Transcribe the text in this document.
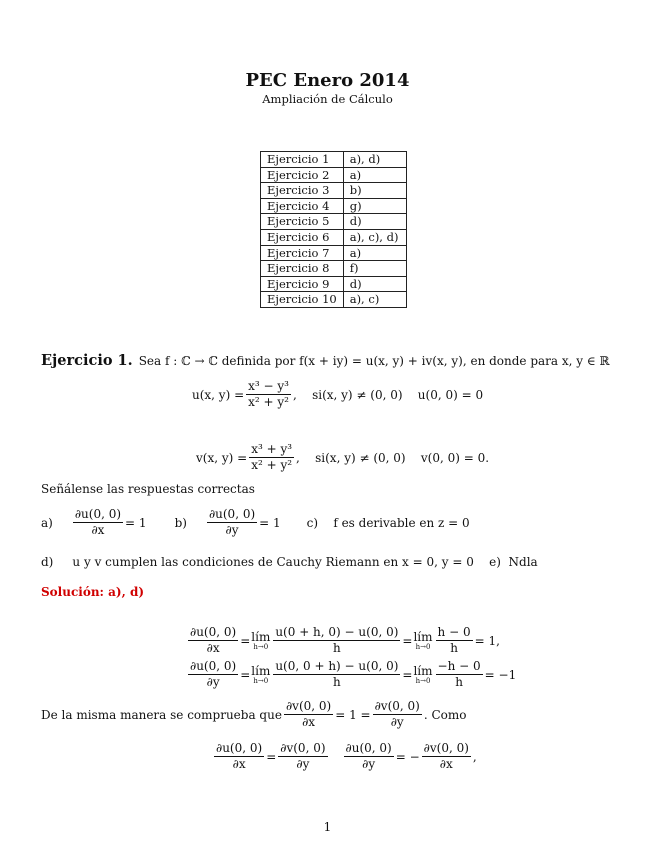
PEC Enero 2014
Ampliación de Cálculo
Ejercicio 1	a), d)
Ejercicio 2	a)
Ejercicio 3	b)
Ejercicio 4	g)
Ejercicio 5	d)
Ejercicio 6	a), c), d)
Ejercicio 7	a)
Ejercicio 8	f)
Ejercicio 9	d)
Ejercicio 10	a), c)
Ejercicio 1. Sea f : ℂ → ℂ definida por f(x + iy) = u(x, y) + iv(x, y), en donde para x, y ∈ ℝ
u(x, $y) = \frac{\text{x³ − y³}}{\text{x² + y²}}$ ,    si(x, y) ≠ (0, 0)    u(0, 0) = 0
v(x, $y) = \frac{\text{x³ + y³}}{\text{x² + y²}}$ ,    si(x, y) ≠ (0, 0)    v(0, 0) = 0.
Señálense las respuestas correctas
$a) \frac{\partial u(0, 0)}{\partial x} = 1$ $b) \frac{\partial u(0, 0)}{\partial y} = 1$ c)    f es derivable en z = 0
d)     u y v cumplen las condiciones de Cauchy Riemann en x = 0, y = 0    e)  Ndla
Solución: a), d)
$\frac{\partial u(0, 0)}{\partial x}$ = lím
$h\to 0 \frac{u(0 + h, 0) - u(0, 0)}{h}$ = lím
$h\to 0 \frac{h - 0}{h} = 1$,
$\frac{\partial u(0, 0)}{\partial y}$ = lím
$h\to 0 \frac{u(0, 0 + h) - u(0, 0)}{h}$ = lím
$h\to 0 \frac{-h - 0}{h} = -1$
De la misma manera se comprueba que $\frac{\partial v(0, 0)}{\partial x} = 1 = \frac{\partial v(0, 0)}{\partial y}$ . Como
$\frac{\partial u(0, 0)}{\partial x} = \frac{\partial v(0, 0)}{\partial y} \frac{\partial u(0, 0)}{\partial y}$ = − $\frac{\partial v(0, 0)}{\partial x}$ ,
1
